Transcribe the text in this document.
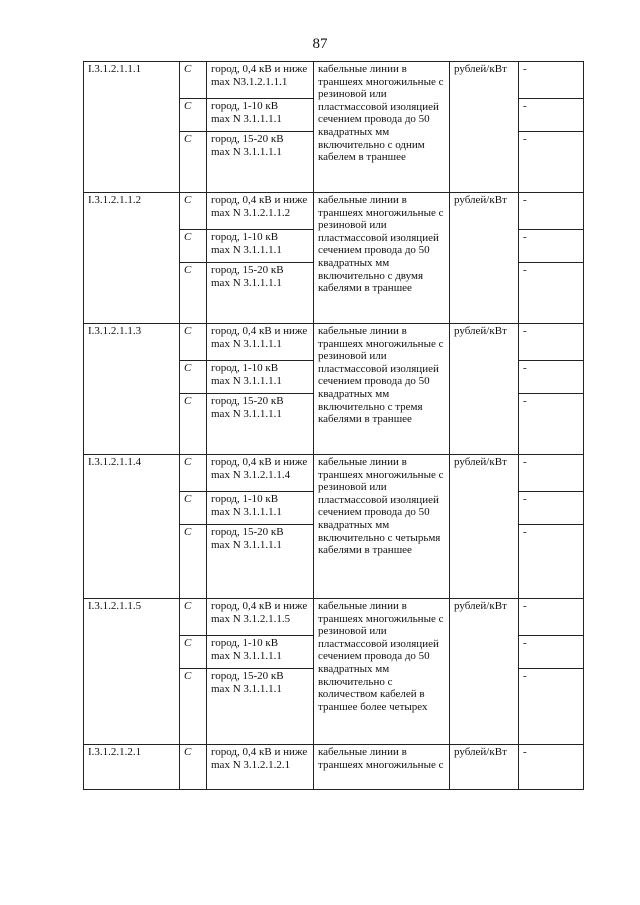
87
I.3.1.2.1.1.1	C	город, 0,4 кВ и ниже
max N3.1.2.1.1.1	кабельные линии в траншеях многожильные с резиновой или пластмассовой изоляцией сечением провода до 50 квадратных мм включительно с одним кабелем в траншее	рублей/кВт	-
	C	город, 1-10 кВ
max N 3.1.1.1.1			-
	C	город, 15-20 кВ
max N 3.1.1.1.1			-
I.3.1.2.1.1.2	C	город, 0,4 кВ и ниже
max N 3.1.2.1.1.2	кабельные линии в траншеях многожильные с резиновой или пластмассовой изоляцией сечением провода до 50 квадратных мм включительно с двумя кабелями в траншее	рублей/кВт	-
	C	город, 1-10 кВ
max N 3.1.1.1.1			-
	C	город, 15-20 кВ
max N 3.1.1.1.1			-
I.3.1.2.1.1.3	C	город, 0,4 кВ и ниже
max N 3.1.1.1.1	кабельные линии в траншеях многожильные с резиновой или пластмассовой изоляцией сечением провода до 50 квадратных мм включительно с тремя кабелями в траншее	рублей/кВт	-
	C	город, 1-10 кВ
max N 3.1.1.1.1			-
	C	город, 15-20 кВ
max N 3.1.1.1.1			-
I.3.1.2.1.1.4	C	город, 0,4 кВ и ниже
max N 3.1.2.1.1.4	кабельные линии в траншеях многожильные с резиновой или пластмассовой изоляцией сечением провода до 50 квадратных мм включительно с четырьмя кабелями в траншее	рублей/кВт	-
	C	город, 1-10 кВ
max N 3.1.1.1.1			-
	C	город, 15-20 кВ
max N 3.1.1.1.1			-
I.3.1.2.1.1.5	C	город, 0,4 кВ и ниже
max N 3.1.2.1.1.5	кабельные линии в траншеях многожильные с резиновой или пластмассовой изоляцией сечением провода до 50 квадратных мм включительно с количеством кабелей в траншее более четырех	рублей/кВт	-
	C	город, 1-10 кВ
max N 3.1.1.1.1			-
	C	город, 15-20 кВ
max N 3.1.1.1.1			-
I.3.1.2.1.2.1	C	город, 0,4 кВ и ниже
max N 3.1.2.1.2.1	кабельные линии в траншеях многожильные с	рублей/кВт	-
